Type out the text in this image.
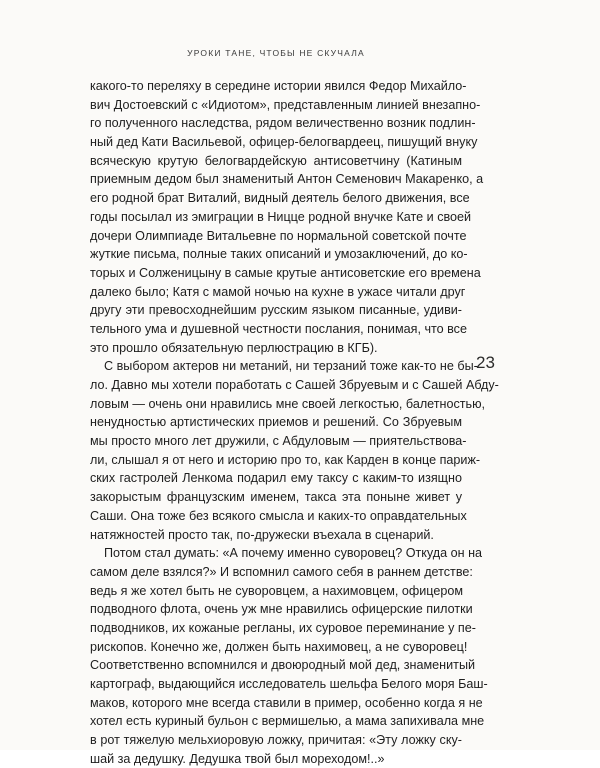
УРОКИ ТАНЕ, ЧТОБЫ НЕ СКУЧАЛА
23
какого-то переляху в середине истории явился Федор Михайло-
вич Достоевский с «Идиотом», представленным линией внезапно-
го полученного наследства, рядом величественно возник подлин-
ный дед Кати Васильевой, офицер-белогвардеец, пишущий внуку
всяческую крутую белогвардейскую антисоветчину (Катиным
приемным дедом был знаменитый Антон Семенович Макаренко, а
его родной брат Виталий, видный деятель белого движения, все
годы посылал из эмиграции в Ницце родной внучке Кате и своей
дочери Олимпиаде Витальевне по нормальной советской почте
жуткие письма, полные таких описаний и умозаключений, до ко-
торых и Солженицыну в самые крутые антисоветские его времена
далеко было; Катя с мамой ночью на кухне в ужасе читали друг
другу эти превосходнейшим русским языком писанные, удиви-
тельного ума и душевной честности послания, понимая, что все
это прошло обязательную перлюстрацию в КГБ).
С выбором актеров ни метаний, ни терзаний тоже как-то не бы-
ло. Давно мы хотели поработать с Сашей Збруевым и с Сашей Абду-
ловым — очень они нравились мне своей легкостью, балетностью,
ненудностью артистических приемов и решений. Со Збруевым
мы просто много лет дружили, с Абдуловым — приятельствова-
ли, слышал я от него и историю про то, как Карден в конце париж-
ских гастролей Ленкома подарил ему таксу с каким-то изящно
закорыстым французским именем, такса эта поныне живет у
Саши. Она тоже без всякого смысла и каких-то оправдательных
натяжностей просто так, по-дружески въехала в сценарий.
Потом стал думать: «А почему именно суворовец? Откуда он на
самом деле взялся?» И вспомнил самого себя в раннем детстве:
ведь я же хотел быть не суворовцем, а нахимовцем, офицером
подводного флота, очень уж мне нравились офицерские пилотки
подводников, их кожаные регланы, их суровое переминание у пе-
рископов. Конечно же, должен быть нахимовец, а не суворовец!
Соответственно вспомнился и двоюродный мой дед, знаменитый
картограф, выдающийся исследователь шельфа Белого моря Баш-
маков, которого мне всегда ставили в пример, особенно когда я не
хотел есть куриный бульон с вермишелью, а мама запихивала мне
в рот тяжелую мельхиоровую ложку, причитая: «Эту ложку ску-
шай за дедушку. Дедушка твой был мореходом!..»
